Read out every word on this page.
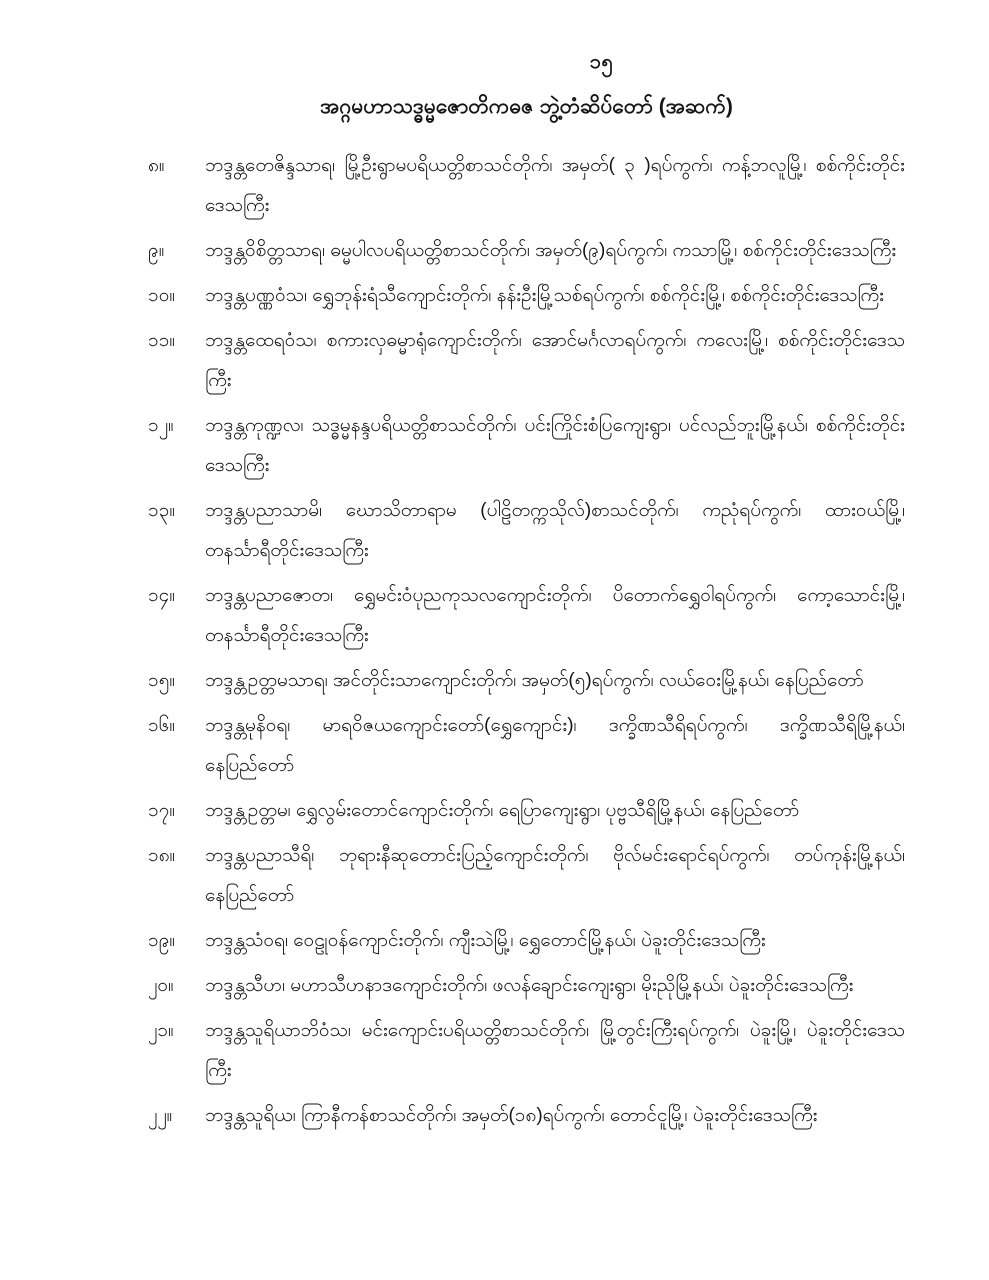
၁၅
အဂ္ဂမဟာသဒ္ဓမ္မဇောတိကဓဇ ဘွဲ့တံဆိပ်တော် (အဆက်)
၈။	ဘဒ္ဒန္တတေဇိန္ဒသာရ၊ မြို့ဦးရွာမပရိယတ္တိစာသင်တိုက်၊ အမှတ်( ၃ )ရပ်ကွက်၊ ကန့်ဘလူမြို့၊ စစ်ကိုင်းတိုင်းဒေသကြီး
၉။	ဘဒ္ဒန္တဝိစိတ္တသာရ၊ ဓမ္မပါလပရိယတ္တိစာသင်တိုက်၊ အမှတ်(၉)ရပ်ကွက်၊ ကသာမြို့၊ စစ်ကိုင်းတိုင်းဒေသကြီး
၁၀။	ဘဒ္ဒန္တပဏ္ဏဝံသ၊ ရွှေဘုန်းရံသီကျောင်းတိုက်၊ နန်းဦးမြို့သစ်ရပ်ကွက်၊ စစ်ကိုင်းမြို့၊ စစ်ကိုင်းတိုင်းဒေသကြီး
၁၁။	ဘဒ္ဒန္တထေရဝံသ၊ စကားလှဓမ္မာရုံကျောင်းတိုက်၊ အောင်မင်္ဂလာရပ်ကွက်၊ ကလေးမြို့၊ စစ်ကိုင်းတိုင်းဒေသကြီး
၁၂။	ဘဒ္ဒန္တကုဏ္ဍလ၊ သဒ္ဓမ္မနန္ဒပရိယတ္တိစာသင်တိုက်၊ ပင်းကြိုင်းစံပြကျေးရွာ၊ ပင်လည်ဘူးမြို့နယ်၊ စစ်ကိုင်းတိုင်းဒေသကြီး
၁၃။	ဘဒ္ဒန္တပညာသာမိ၊ ဃောသိတာရာမ (ပါဠိတက္ကသိုလ်)စာသင်တိုက်၊ ကညုံရပ်ကွက်၊ ထားဝယ်မြို့၊ တနင်္သာရီတိုင်းဒေသကြီး
၁၄။	ဘဒ္ဒန္တပညာဇောတ၊ ရွှေမင်းဝံပုညကုသလကျောင်းတိုက်၊ ပိတောက်ရွှေဝါရပ်ကွက်၊ ကော့သောင်းမြို့၊ တနင်္သာရီတိုင်းဒေသကြီး
၁၅။	ဘဒ္ဒန္တဥတ္တမသာရ၊ အင်တိုင်းသာကျောင်းတိုက်၊ အမှတ်(၅)ရပ်ကွက်၊ လယ်ဝေးမြို့နယ်၊ နေပြည်တော်
၁၆။	ဘဒ္ဒန္တမုနိဝရ၊ မာရဝိဇယကျောင်းတော်(ရွှေကျောင်း)၊ ဒက္ခိဏသီရိရပ်ကွက်၊ ဒက္ခိဏသီရိမြို့နယ်၊ နေပြည်တော်
၁၇။	ဘဒ္ဒန္တဥတ္တမ၊ ရွှေလွမ်းတောင်ကျောင်းတိုက်၊ ရေပြာကျေးရွာ၊ ပုဗ္ဗသီရိမြို့နယ်၊ နေပြည်တော်
၁၈။	ဘဒ္ဒန္တပညာသီရိ၊ ဘုရားနီဆုတောင်းပြည့်ကျောင်းတိုက်၊ ဗိုလ်မင်းရောင်ရပ်ကွက်၊ တပ်ကုန်းမြို့နယ်၊ နေပြည်တော်
၁၉။	ဘဒ္ဒန္တသံဝရ၊ ဝေဠုဝန်ကျောင်းတိုက်၊ ကျီးသဲမြို့၊ ရွှေတောင်မြို့နယ်၊ ပဲခူးတိုင်းဒေသကြီး
၂၀။	ဘဒ္ဒန္တသီဟ၊ မဟာသီဟနာဒကျောင်းတိုက်၊ ဖလန်ချောင်းကျေးရွာ၊ မိုးညိုမြို့နယ်၊ ပဲခူးတိုင်းဒေသကြီး
၂၁။	ဘဒ္ဒန္တသူရိယာဘိဝံသ၊ မင်းကျောင်းပရိယတ္တိစာသင်တိုက်၊ မြို့တွင်းကြီးရပ်ကွက်၊ ပဲခူးမြို့၊ ပဲခူးတိုင်းဒေသကြီး
၂၂။	ဘဒ္ဒန္တသူရိယ၊ ကြာနီကန်စာသင်တိုက်၊ အမှတ်(၁၈)ရပ်ကွက်၊ တောင်ငူမြို့၊ ပဲခူးတိုင်းဒေသကြီး
